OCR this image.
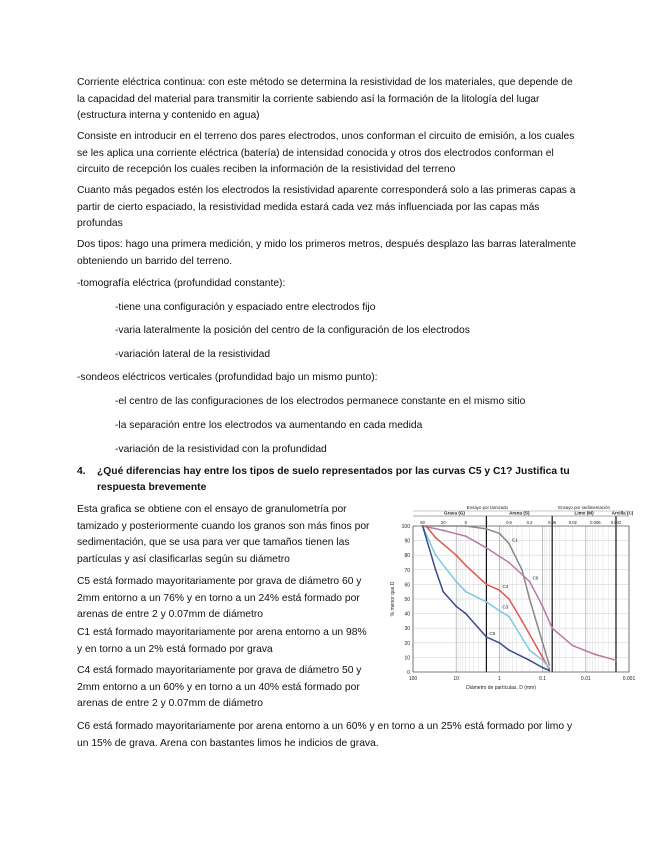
Corriente eléctrica continua: con este método se determina la resistividad de los materiales, que depende de la capacidad del material para transmitir la corriente sabiendo así la formación de la litología del lugar (estructura interna y contenido en agua)

Consiste en introducir en el terreno dos pares electrodos, unos conforman el circuito de emisión, a los cuales se les aplica una corriente eléctrica (batería) de intensidad conocida y otros dos electrodos conforman el circuito de recepción los cuales reciben la información de la resistividad del terreno

Cuanto más pegados estén los electrodos la resistividad aparente corresponderá solo a las primeras capas a partir de cierto espaciado, la resistividad medida estará cada vez más influenciada por las capas más profundas

Dos tipos: hago una primera medición, y mido los primeros metros, después desplazo las barras lateralmente obteniendo un barrido del terreno.

-tomografía eléctrica (profundidad constante):

-tiene una configuración y espaciado entre electrodos fijo

-varia lateralmente la posición del centro de la configuración de los electrodos

-variación lateral de la resistividad

-sondeos eléctricos verticales (profundidad bajo un mismo punto):

-el centro de las configuraciones de los electrodos permanece constante en el mismo sitio

-la separación entre los electrodos va aumentando en cada medida

-variación de la resistividad con la profundidad

4. ¿Qué diferencias hay entre los tipos de suelo representados por las curvas C5 y C1? Justifica tu respuesta brevemente

Esta grafica se obtiene con el ensayo de granulometría por tamizado y posteriormente cuando los granos son más finos por sedimentación, que se usa para ver que tamaños tienen las partículas y así clasificarlas según su diámetro

C5 está formado mayoritariamente por grava de diámetro 60 y 2mm entorno a un 76% y en torno a un 24% está formado por arenas de entre 2 y 0.07mm de diámetro

C1 está formado mayoritariamente por arena entorno a un 98% y en torno a un 2% está formado por grava

C4 está formado mayoritariamente por grava de diámetro 50 y 2mm entorno a un 60% y en torno a un 40% está formado por arenas de entre 2 y 0.07mm de diámetro

C6 está formado mayoritariamente por arena entorno a un 60% y en torno a un 25% está formado por limo y un 15% de grava. Arena con bastantes limos he indicios de grava.

0
10
20
30
40
50
60
70
80
90
100
100	10	1	0.1	0.01	0.001
60	20	6	2	0.6	0.2	0.06	0.02	0.006 0.002
Grava (G)	Arena (S)	Limo (M)	Arcilla (C)
Ensayo por tamizado	Ensayo por sedimentación
Diámetro de partículas, D (mm)
% menor que D
C1
C6
C4
C3
C5
